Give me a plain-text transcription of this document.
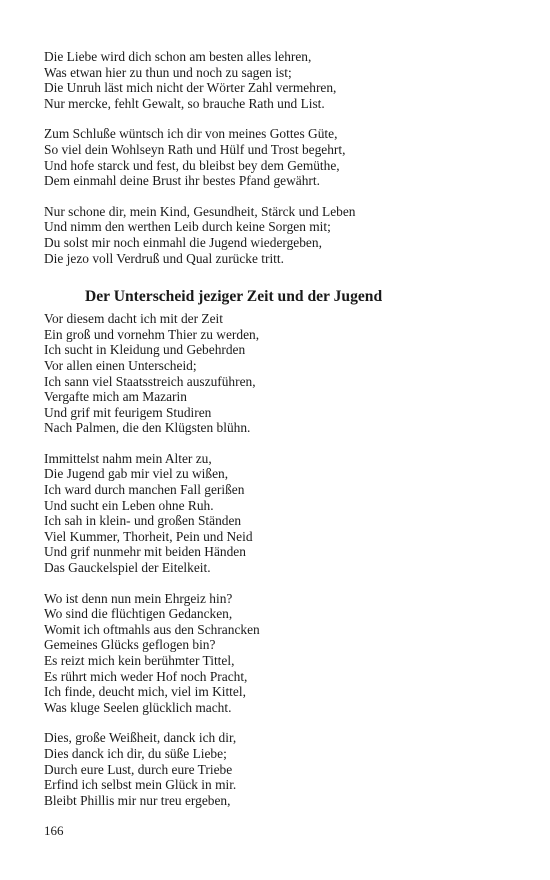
Die Liebe wird dich schon am besten alles lehren,
Was etwan hier zu thun und noch zu sagen ist;
Die Unruh läst mich nicht der Wörter Zahl vermehren,
Nur mercke, fehlt Gewalt, so brauche Rath und List.
Zum Schluße wüntsch ich dir von meines Gottes Güte,
So viel dein Wohlseyn Rath und Hülf und Trost begehrt,
Und hofe starck und fest, du bleibst bey dem Gemüthe,
Dem einmahl deine Brust ihr bestes Pfand gewährt.
Nur schone dir, mein Kind, Gesundheit, Stärck und Leben
Und nimm den werthen Leib durch keine Sorgen mit;
Du solst mir noch einmahl die Jugend wiedergeben,
Die jezo voll Verdruß und Qual zurücke tritt.
Der Unterscheid jeziger Zeit und der Jugend
Vor diesem dacht ich mit der Zeit
Ein groß und vornehm Thier zu werden,
Ich sucht in Kleidung und Gebehrden
Vor allen einen Unterscheid;
Ich sann viel Staatsstreich auszuführen,
Vergafte mich am Mazarin
Und grif mit feurigem Studiren
Nach Palmen, die den Klügsten blühn.
Immittelst nahm mein Alter zu,
Die Jugend gab mir viel zu wißen,
Ich ward durch manchen Fall gerißen
Und sucht ein Leben ohne Ruh.
Ich sah in klein- und großen Ständen
Viel Kummer, Thorheit, Pein und Neid
Und grif nunmehr mit beiden Händen
Das Gauckelspiel der Eitelkeit.
Wo ist denn nun mein Ehrgeiz hin?
Wo sind die flüchtigen Gedancken,
Womit ich oftmahls aus den Schrancken
Gemeines Glücks geflogen bin?
Es reizt mich kein berühmter Tittel,
Es rührt mich weder Hof noch Pracht,
Ich finde, deucht mich, viel im Kittel,
Was kluge Seelen glücklich macht.
Dies, große Weißheit, danck ich dir,
Dies danck ich dir, du süße Liebe;
Durch eure Lust, durch eure Triebe
Erfind ich selbst mein Glück in mir.
Bleibt Phillis mir nur treu ergeben,
166
